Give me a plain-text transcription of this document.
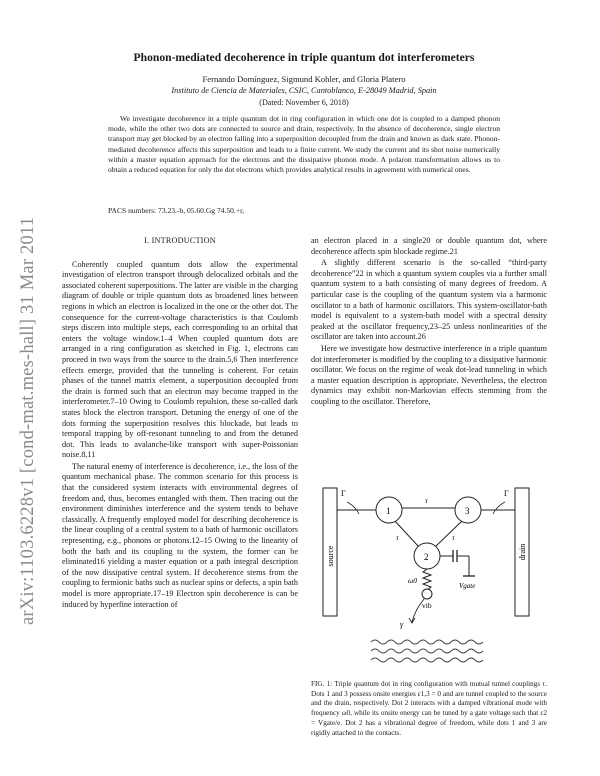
arXiv:1103.6228v1 [cond-mat.mes-hall] 31 Mar 2011
Phonon-mediated decoherence in triple quantum dot interferometers
Fernando Domínguez, Sigmund Kohler, and Gloria Platero
Instituto de Ciencia de Materiales, CSIC, Cantoblanco, E-28049 Madrid, Spain
(Dated: November 6, 2018)

We investigate decoherence in a triple quantum dot in ring configuration in which one dot is coupled to a damped phonon mode, while the other two dots are connected to source and drain, respectively. In the absence of decoherence, single electron transport may get blocked by an electron falling into a superposition decoupled from the drain and known as dark state. Phonon-mediated decoherence affects this superposition and leads to a finite current. We study the current and its shot noise numerically within a master equation approach for the electrons and the dissipative phonon mode. A polaron transformation allows us to obtain a reduced equation for only the dot electrons which provides analytical results in agreement with numerical ones.

PACS numbers: 73.23.-b, 05.60.Gg 74.50.+r,
I. INTRODUCTION

Coherently coupled quantum dots allow the experimental investigation of electron transport through delocalized orbitals and the associated coherent superpositions. The latter are visible in the charging diagram of double or triple quantum dots as broadened lines between regions in which an electron is localized in the one or the other dot. The consequence for the current-voltage characteristics is that Coulomb steps discern into multiple steps, each corresponding to an orbital that enters the voltage window.1–4 When coupled quantum dots are arranged in a ring configuration as sketched in Fig. 1, electrons can proceed in two ways from the source to the drain.5,6 Then interference effects emerge, provided that the tunneling is coherent. For cetain phases of the tunnel matrix element, a superposition decoupled from the drain is formed such that an electron may become trapped in the interferometer.7–10 Owing to Coulomb repulsion, these so-called dark states block the electron transport. Detuning the energy of one of the dots forming the superposition resolves this blockade, but leads to temporal trapping by off-resonant tunneling to and from the detuned dot. This leads to avalanche-like transport with super-Poissonian noise.8,11

The natural enemy of interference is decoherence, i.e., the loss of the quantum mechanical phase. The common scenario for this process is that the considered system interacts with environmental degrees of freedom and, thus, becomes entangled with them. Then tracing out the environment diminishes interference and the system tends to behave classically. A frequently employed model for describing decoherence is the linear coupling of a central system to a bath of harmonic oscillators representing, e.g., phonons or photons.12–15 Owing to the linearity of both the bath and its coupling to the system, the former can be eliminated16 yielding a master equation or a path integral description of the now dissipative central system. If decoherence stems from the coupling to fermionic baths such as nuclear spins or defects, a spin bath model is more appropriate.17–19 Electron spin decoherence is can be induced by hyperfine interaction of

an electron placed in a single20 or double quantum dot, where decoherence affects spin blockade regime.21

A slightly different scenario is the so-called “third-party decoherence”22 in which a quantum system couples via a further small quantum system to a bath consisting of many degrees of freedom. A particular case is the coupling of the quantum system via a harmonic oscillator to a bath of harmonic oscillators. This system-oscillator-bath model is equivalent to a system-bath model with a spectral density peaked at the oscillator frequency,23–25 unless nonlinearities of the oscillator are taken into account.26

Here we investigate how destructive interference in a triple quantum dot interferometer is modified by the coupling to a dissipative harmonic oscillator. We focus on the regime of weak dot-lead tunneling in which a master equation description is appropriate. Nevertheless, the electron dynamics may exhibit non-Markovian effects stemming from the coupling to the oscillator. Therefore,

source	drain
Γ	Γ
τ
τ	τ
1	3
2
Vgate
ω0
vib
γ
FIG. 1: Triple quantum dot in ring configuration with mutual tunnel couplings τ. Dots 1 and 3 possess onsite energies ε1,3 = 0 and are tunnel coupled to the source and the drain, respectively. Dot 2 interacts with a damped vibrational mode with frequency ω0, while its onsite energy can be tuned by a gate voltage such that ε2 = Vgate/e. Dot 2 has a vibrational degree of freedom, while dots 1 and 3 are rigidly attached to the contacts.
